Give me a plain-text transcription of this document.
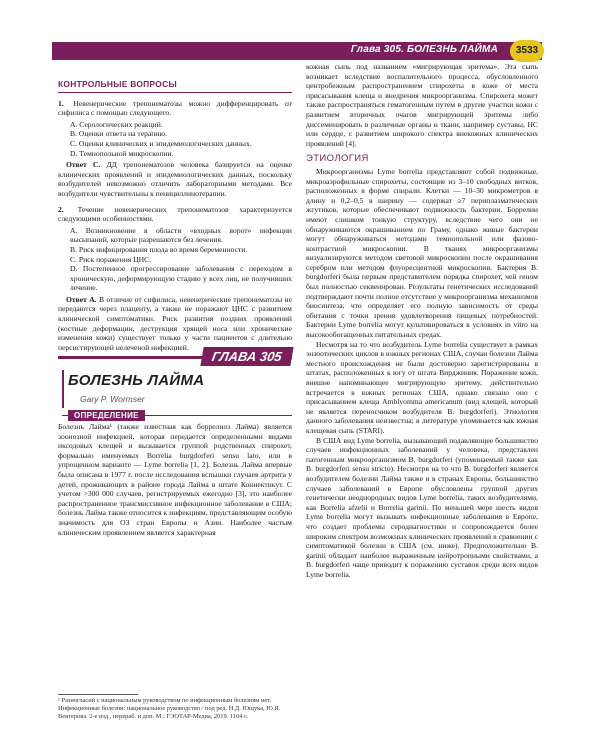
Глава 305. БОЛЕЗНЬ ЛАЙМА	3533
КОНТРОЛЬНЫЕ ВОПРОСЫ
1. Невенерические трепонематозы можно дифференцировать от сифилиса с помощью следующего.

A. Серологических реакций.

B. Оценки ответа на терапию.

C. Оценки клинических и эпидемиологических данных.

D. Темнопольной микроскопии.

Ответ C. ДД трепонематозов человека базируется на оценке клинических проявлений и эпидемиологических данных, поскольку возбудителей невозможно отличить лабораторными методами. Все возбудители чувствительны к пенициллинотерапии.

2. Течение невенерических трепонематозов характеризуется следующими особенностями.

A. Возникновение в области «входных ворот» инфекции высыпаний, которые разрешаются без лечения.

B. Риск инфицирования плода во время беременности.

C. Риск поражения ЦНС.

D. Постепенное прогрессирование заболевания с переходом в хроническую, деформирующую стадию у всех лиц, не получивших лечение.

Ответ A. В отличие от сифилиса, невенерические трепонематозы не передаются через плаценту, а также не поражают ЦНС с развитием клинической симптоматики. Риск развития поздних проявлений (костные деформации, деструкция хрящей носа или хронические изменения кожи) существует только у части пациентов с длительно персистирующей нелеченой инфекцией.

ГЛАВА 305
БОЛЕЗНЬ ЛАЙМА
Gary P. Wormser
ОПРЕДЕЛЕНИЕ
Болезнь Лайма¹ (также известная как боррелиоз Лайма) является зоонозной инфекцией, которая передается определенными видами иксодовых клещей и вызывается группой родственных спирохет, формально именуемых Borrelia burgdorferi sensu lato, или в упрощенном варианте — Lyme borrelia [1, 2]. Болезнь Лайма впервые была описана в 1977 г. после исследования вспышки случаев артрита у детей, проживающих в районе города Лайма в штате Коннектикут. С учетом >300 000 случаев, регистрируемых ежегодно [3], это наиболее распространенное трансмиссивное инфекционное заболевание в США; болезнь Лайма также относится к инфекциям, представляющим особую значимость для ОЗ стран Европы и Азии. Наиболее частым клиническим проявлением является характерная
¹ Разногласий с национальным руководством по инфекционным болезням нет. Инфекционные болезни: национальное руководство / под ред. Н.Д. Ющука, Ю.Я. Венгерова. 2-е изд., перераб. и доп. М.: ГЭОТАР-Медиа, 2019. 1104 с.

кожная сыпь под названием «мигрирующая эритема». Эта сыпь возникает вследствие воспалительного процесса, обусловленного центробежным распространением спирохеты в коже от места присасывания клеща и внедрения микроорганизма. Спирохета может также распространяться гематогенным путем в другие участки кожи с развитием вторичных очагов мигрирующей эритемы либо диссеминировать в различные органы и ткани, например суставы, НС или сердце, с развитием широкого спектра внекожных клинических проявлений [4].

ЭТИОЛОГИЯ

Микроорганизмы Lyme borrelia представляют собой подвижные, микроаэрофильные спирохеты, состоящие из 3–10 свободных витков, расположенных в форме спирали. Клетки — 10–30 микрометров в длину и 0,2–0,5 в ширину — содержат ≥7 периплазматических жгутиков, которые обеспечивают подвижность бактерии. Боррелии имеют слишком тонкую структуру, вследствие чего они не обнаруживаются окрашиванием по Граму, однако живые бактерии могут обнаруживаться методами темнопольной или фазово-контрастной микроскопии. В тканях микроорганизмы визуализируются методом световой микроскопии после окрашивания серебром или методом флуоресцентной микроскопии. Бактерия B. burgdorferi была первым представителем порядка спирохет, чей геном был полностью секвенирован. Результаты генетических исследований подтверждают почти полное отсутствие у микроорганизма механизмов биосинтеза, что определяет его полную зависимость от среды обитания с точки зрения удовлетворения пищевых потребностей. Бактерии Lyme borrelia могут культивироваться в условиях in vitro на высокообогащенных питательных средах.

Несмотря на то что возбудитель Lyme borrelia существует в рамках энзоотических циклов в южных регионах США, случаи болезни Лайма местного происхождения не были достоверно зарегистрированы в штатах, расположенных к югу от штата Вирджиния. Поражение кожи, внешне напоминающее мигрирующую эритему, действительно встречается в южных регионах США, однако связано оно с присасыванием клеща Amblyomma americanum (вид клещей, который не является переносчиком возбудителя B. burgdorferi). Этиология данного заболевания неизвестна; в литературе упоминается как южная клещевая сыпь (STARI).

В США вид Lyme borrelia, вызывающий подавляющее большинство случаев инфекционных заболеваний у человека, представлен патогенным микроорганизмом B. burgdorferi (упоминаемый также как B. burgdorferi sensu stricto). Несмотря на то что B. burgdorferi является возбудителем болезни Лайма также и в странах Европы, большинство случаев заболеваний в Европе обусловлены группой других генетически неоднородных видов Lyme borrelia, таких возбудителями, как Borrelia afzelii и Borrelia garinii. По меньшей мере шесть видов Lyme borrelia могут вызывать инфекционные заболевания в Европе, что создает проблемы серодиагностики и сопровождается более широким спектром возможных клинических проявлений в сравнении с симптоматикой болезни в США (см. ниже). Предположительно B. garinii обладает наиболее выраженным нейротропными свойствами, а B. burgdorferi чаще приводит к поражению суставов среди всех видов Lyme borrelia.
